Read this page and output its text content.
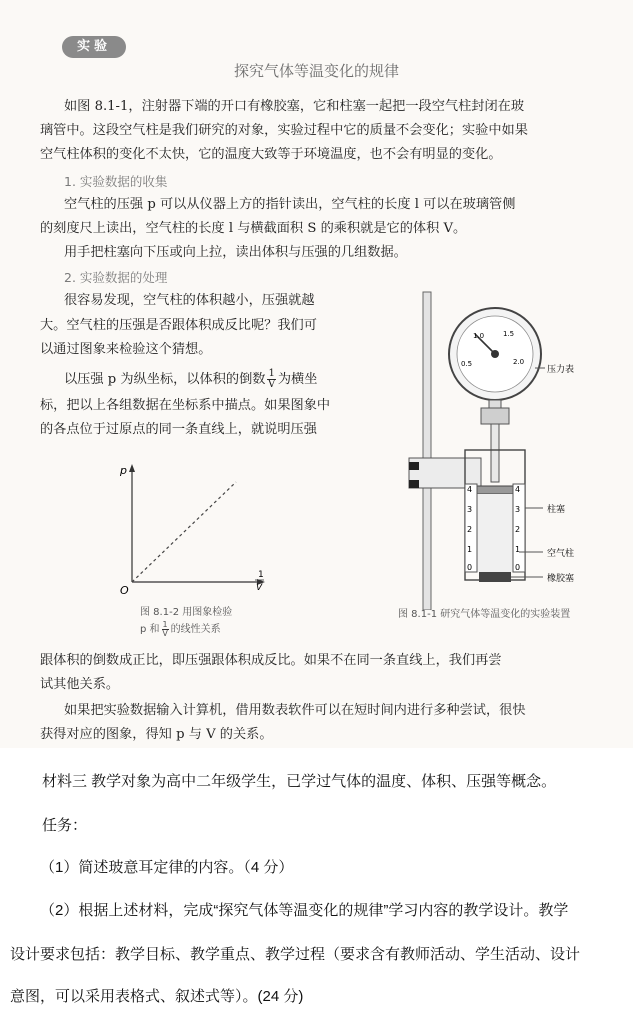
实验
探究气体等温变化的规律
如图 8.1-1，注射器下端的开口有橡胶塞，它和柱塞一起把一段空气柱封闭在玻
璃管中。这段空气柱是我们研究的对象，实验过程中它的质量不会变化；实验中如果
空气柱体积的变化不太快，它的温度大致等于环境温度，也不会有明显的变化。
1. 实验数据的收集
空气柱的压强 p 可以从仪器上方的指针读出，空气柱的长度 l 可以在玻璃管侧
的刻度尺上读出，空气柱的长度 l 与横截面积 S 的乘积就是它的体积 V。
用手把柱塞向下压或向上拉，读出体积与压强的几组数据。
2. 实验数据的处理
很容易发现，空气柱的体积越小，压强就越
大。空气柱的压强是否跟体积成反比呢？我们可
以通过图象来检验这个猜想。
以压强 p 为纵坐标，以体积的倒数 $\frac{1}{V}$ 为横坐
标，把以上各组数据在坐标系中描点。如果图象中
的各点位于过原点的同一条直线上，就说明压强
p
O
1
V
图 8.1-2 用图象检验
p 和 $\frac{1}{V}$ 的线性关系
0.5
1.0	1.5
2.0
4
3
2
1
0
4
3
2
1
0
压力表
柱塞
空气柱
橡胶塞
图 8.1-1 研究气体等温变化的实验装置
跟体积的倒数成正比，即压强跟体积成反比。如果不在同一条直线上，我们再尝
试其他关系。
如果把实验数据输入计算机，借用数表软件可以在短时间内进行多种尝试，很快
获得对应的图象，得知 p 与 V 的关系。
材料三 教学对象为高中二年级学生，已学过气体的温度、体积、压强等概念。
任务：
（1）简述玻意耳定律的内容。（4 分）
（2）根据上述材料，完成“探究气体等温变化的规律”学习内容的教学设计。教学
设计要求包括：教学目标、教学重点、教学过程（要求含有教师活动、学生活动、设计
意图，可以采用表格式、叙述式等）。(24 分)
